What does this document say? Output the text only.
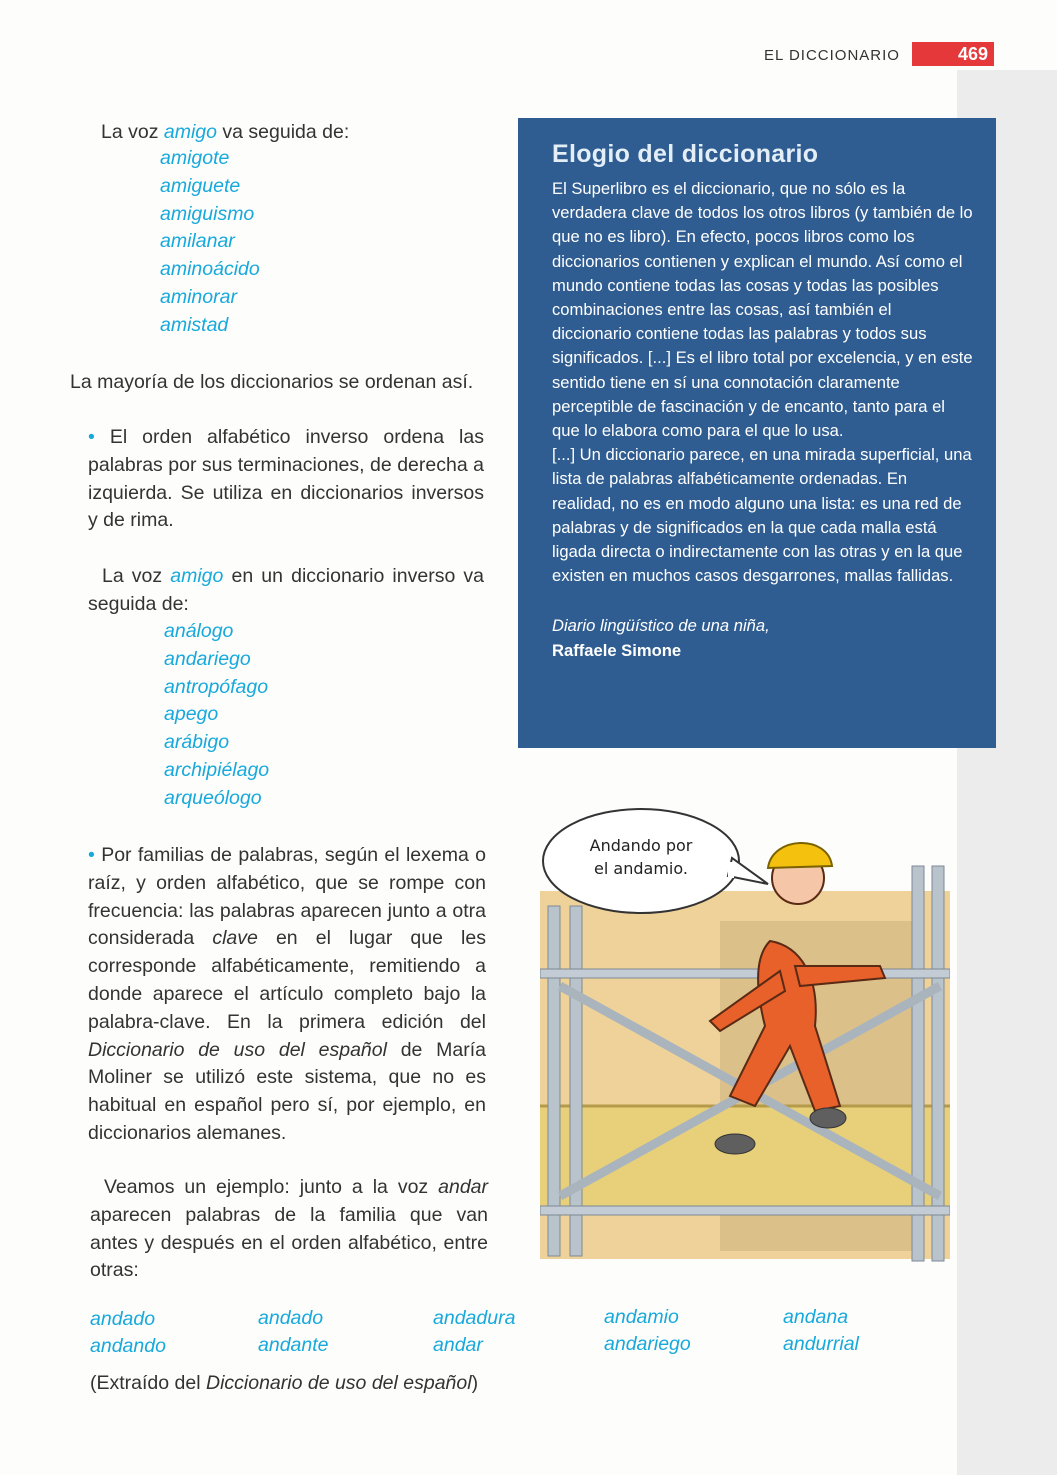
EL DICCIONARIO	469
La voz amigo va seguida de:
amigote
amiguete
amiguismo
amilanar
aminoácido
aminorar
amistad
La mayoría de los diccionarios se ordenan así.
• El orden alfabético inverso ordena las palabras por sus terminaciones, de derecha a izquierda. Se utiliza en diccionarios inversos y de rima.
La voz amigo en un diccionario inverso va seguida de:
análogo
andariego
antropófago
apego
arábigo
archipiélago
arqueólogo
• Por familias de palabras, según el lexema o raíz, y orden alfabético, que se rompe con frecuencia: las palabras aparecen junto a otra considerada clave en el lugar que les corresponde alfabéticamente, remitiendo a donde aparece el artículo completo bajo la palabra-clave. En la primera edición del Diccionario de uso del español de María Moliner se utilizó este sistema, que no es habitual en español pero sí, por ejemplo, en diccionarios alemanes.
Veamos un ejemplo: junto a la voz andar aparecen palabras de la familia que van antes y después en el orden alfabético, entre otras:
andado
andando
andado
andante
andadura
andar
andamio
andariego
andana
andurrial
(Extraído del Diccionario de uso del español)
Elogio del diccionario

El Superlibro es el diccionario, que no sólo es la verdadera clave de todos los otros libros (y también de lo que no es libro). En efecto, pocos libros como los diccionarios contienen y explican el mundo. Así como el mundo contiene todas las cosas y todas las posibles combinaciones entre las cosas, así también el diccionario contiene todas las palabras y todos sus significados. [...] Es el libro total por excelencia, y en este sentido tiene en sí una connotación claramente perceptible de fascinación y de encanto, tanto para el que lo elabora como para el que lo usa.

[...] Un diccionario parece, en una mirada superficial, una lista de palabras alfabéticamente ordenadas. En realidad, no es en modo alguno una lista: es una red de palabras y de significados en la que cada malla está ligada directa o indirectamente con las otras y en la que existen en muchos casos desgarrones, mallas fallidas.

Diario lingüístico de una niña,
Raffaele Simone
Andando por
el andamio.
